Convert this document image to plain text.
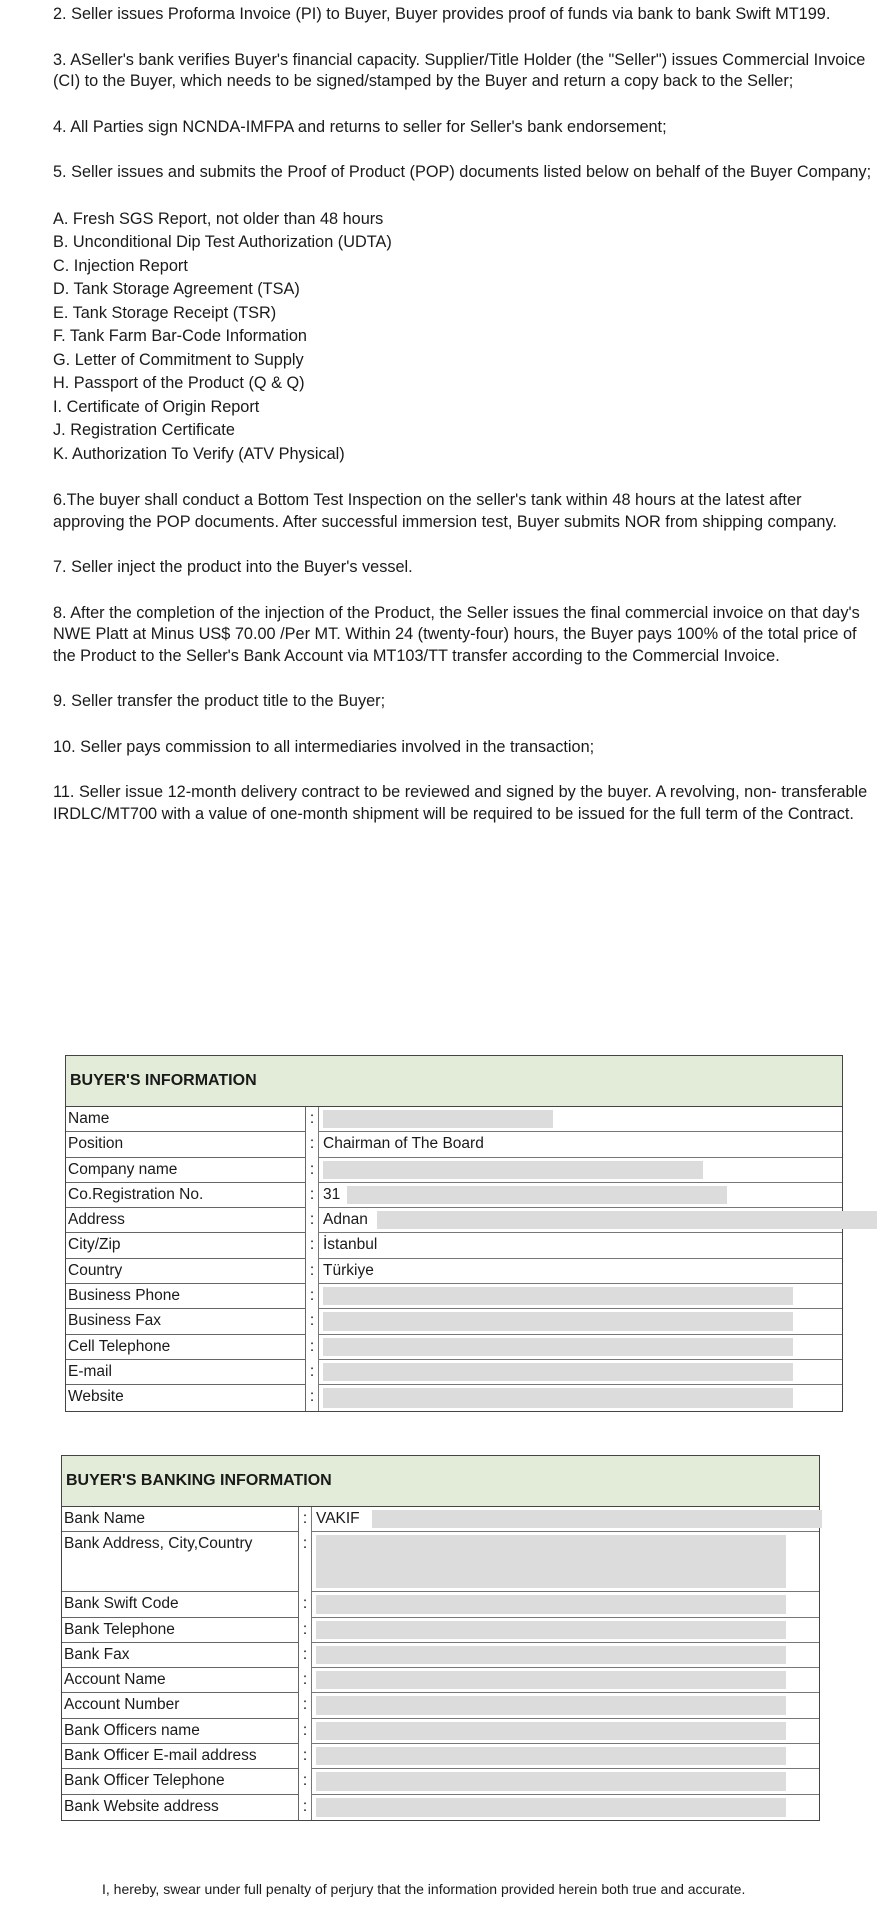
2. Seller issues Proforma Invoice (PI) to Buyer, Buyer provides proof of funds via bank to bank Swift MT199.

3. ASeller's bank verifies Buyer's financial capacity. Supplier/Title Holder (the "Seller") issues Commercial Invoice (CI) to the Buyer, which needs to be signed/stamped by the Buyer and return a copy back to the Seller;

4. All Parties sign NCNDA-IMFPA and returns to seller for Seller's bank endorsement;

5. Seller issues and submits the Proof of Product (POP) documents listed below on behalf of the Buyer Company;

A. Fresh SGS Report, not older than 48 hours
B. Unconditional Dip Test Authorization (UDTA)
C. Injection Report
D. Tank Storage Agreement (TSA)
E. Tank Storage Receipt (TSR)
F. Tank Farm Bar-Code Information
G. Letter of Commitment to Supply
H. Passport of the Product (Q & Q)
I. Certificate of Origin Report
J. Registration Certificate
K. Authorization To Verify (ATV Physical)

6.The buyer shall conduct a Bottom Test Inspection on the seller's tank within 48 hours at the latest after approving the POP documents. After successful immersion test, Buyer submits NOR from shipping company.

7. Seller inject the product into the Buyer's vessel.

8. After the completion of the injection of the Product, the Seller issues the final commercial invoice on that day's NWE Platt at Minus US$ 70.00 /Per MT. Within 24 (twenty-four) hours, the Buyer pays 100% of the total price of the Product to the Seller's Bank Account via MT103/TT transfer according to the Commercial Invoice.

9. Seller transfer the product title to the Buyer;

10. Seller pays commission to all intermediaries involved in the transaction;

11. Seller issue 12-month delivery contract to be reviewed and signed by the buyer. A revolving, non- transferable IRDLC/MT700 with a value of one-month shipment will be required to be issued for the full term of the Contract.

BUYER'S INFORMATION
Name	:
Position	: Chairman of The Board
Company name	:
Co.Registration No.	: 31
Address	: Adnan
City/Zip	: İstanbul
Country	: Türkiye
Business Phone	:
Business Fax	:
Cell Telephone	:
E-mail	:
Website	:
BUYER'S BANKING INFORMATION
Bank Name	: VAKIF
Bank Address, City,Country	:
Bank Swift Code	:
Bank Telephone	:
Bank Fax	:
Account Name	:
Account Number	:
Bank Officers name	:
Bank Officer E-mail address	:
Bank Officer Telephone	:
Bank Website address	:
I, hereby, swear under full penalty of perjury that the information provided herein both true and accurate.
